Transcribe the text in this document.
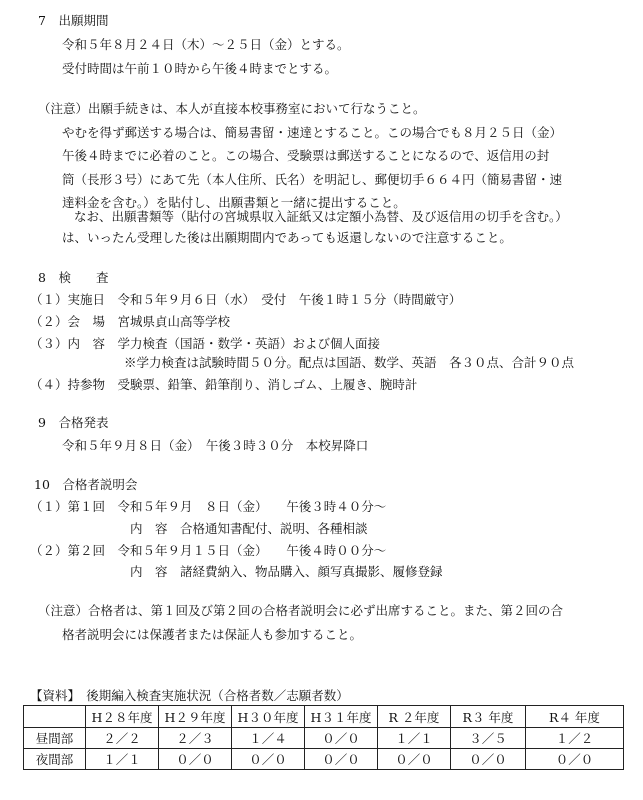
7　出願期間
令和５年８月２４日（木）～２５日（金）とする。
受付時間は午前１０時から午後４時までとする。
（注意）出願手続きは、本人が直接本校事務室において行なうこと。
やむを得ず郵送する場合は、簡易書留・速達とすること。この場合でも８月２５日（金）
午後４時までに必着のこと。この場合、受験票は郵送することになるので、返信用の封
筒（長形３号）にあて先（本人住所、氏名）を明記し、郵便切手６６４円（簡易書留・速
達料金を含む。）を貼付し、出願書類と一緒に提出すること。
なお、出願書類等（貼付の宮城県収入証紙又は定額小為替、及び返信用の切手を含む。）
は、いったん受理した後は出願期間内であっても返還しないので注意すること。
8　検　　査
（１）実施日　令和５年９月６日（水）　受付　午後１時１５分（時間厳守）
（２）会　場　宮城県貞山高等学校
（３）内　容　学力検査（国語・数学・英語）および個人面接
※学力検査は試験時間５０分。配点は国語、数学、英語　各３０点、合計９０点
（４）持参物　受験票、鉛筆、鉛筆削り、消しゴム、上履き、腕時計
9　合格発表
令和５年９月８日（金）　午後３時３０分　本校昇降口
10　合格者説明会
（１）第１回　令和５年９月　８日（金）　　午後３時４０分～
内　容　合格通知書配付、説明、各種相談
（２）第２回　令和５年９月１５日（金）　　午後４時００分～
内　容　諸経費納入、物品購入、顔写真撮影、履修登録
（注意）合格者は、第１回及び第２回の合格者説明会に必ず出席すること。また、第２回の合
格者説明会には保護者または保証人も参加すること。
【資料】　後期編入検査実施状況（合格者数／志願者数）
	H２８年度	H２９年度	H３０年度	H３１年度	R ２年度	R３ 年度	R４ 年度
昼間部	２／２	２／３	１／４	０／０	１／１	３／５	１／２
夜間部	１／１	０／０	０／０	０／０	０／０	０／０	０／０
